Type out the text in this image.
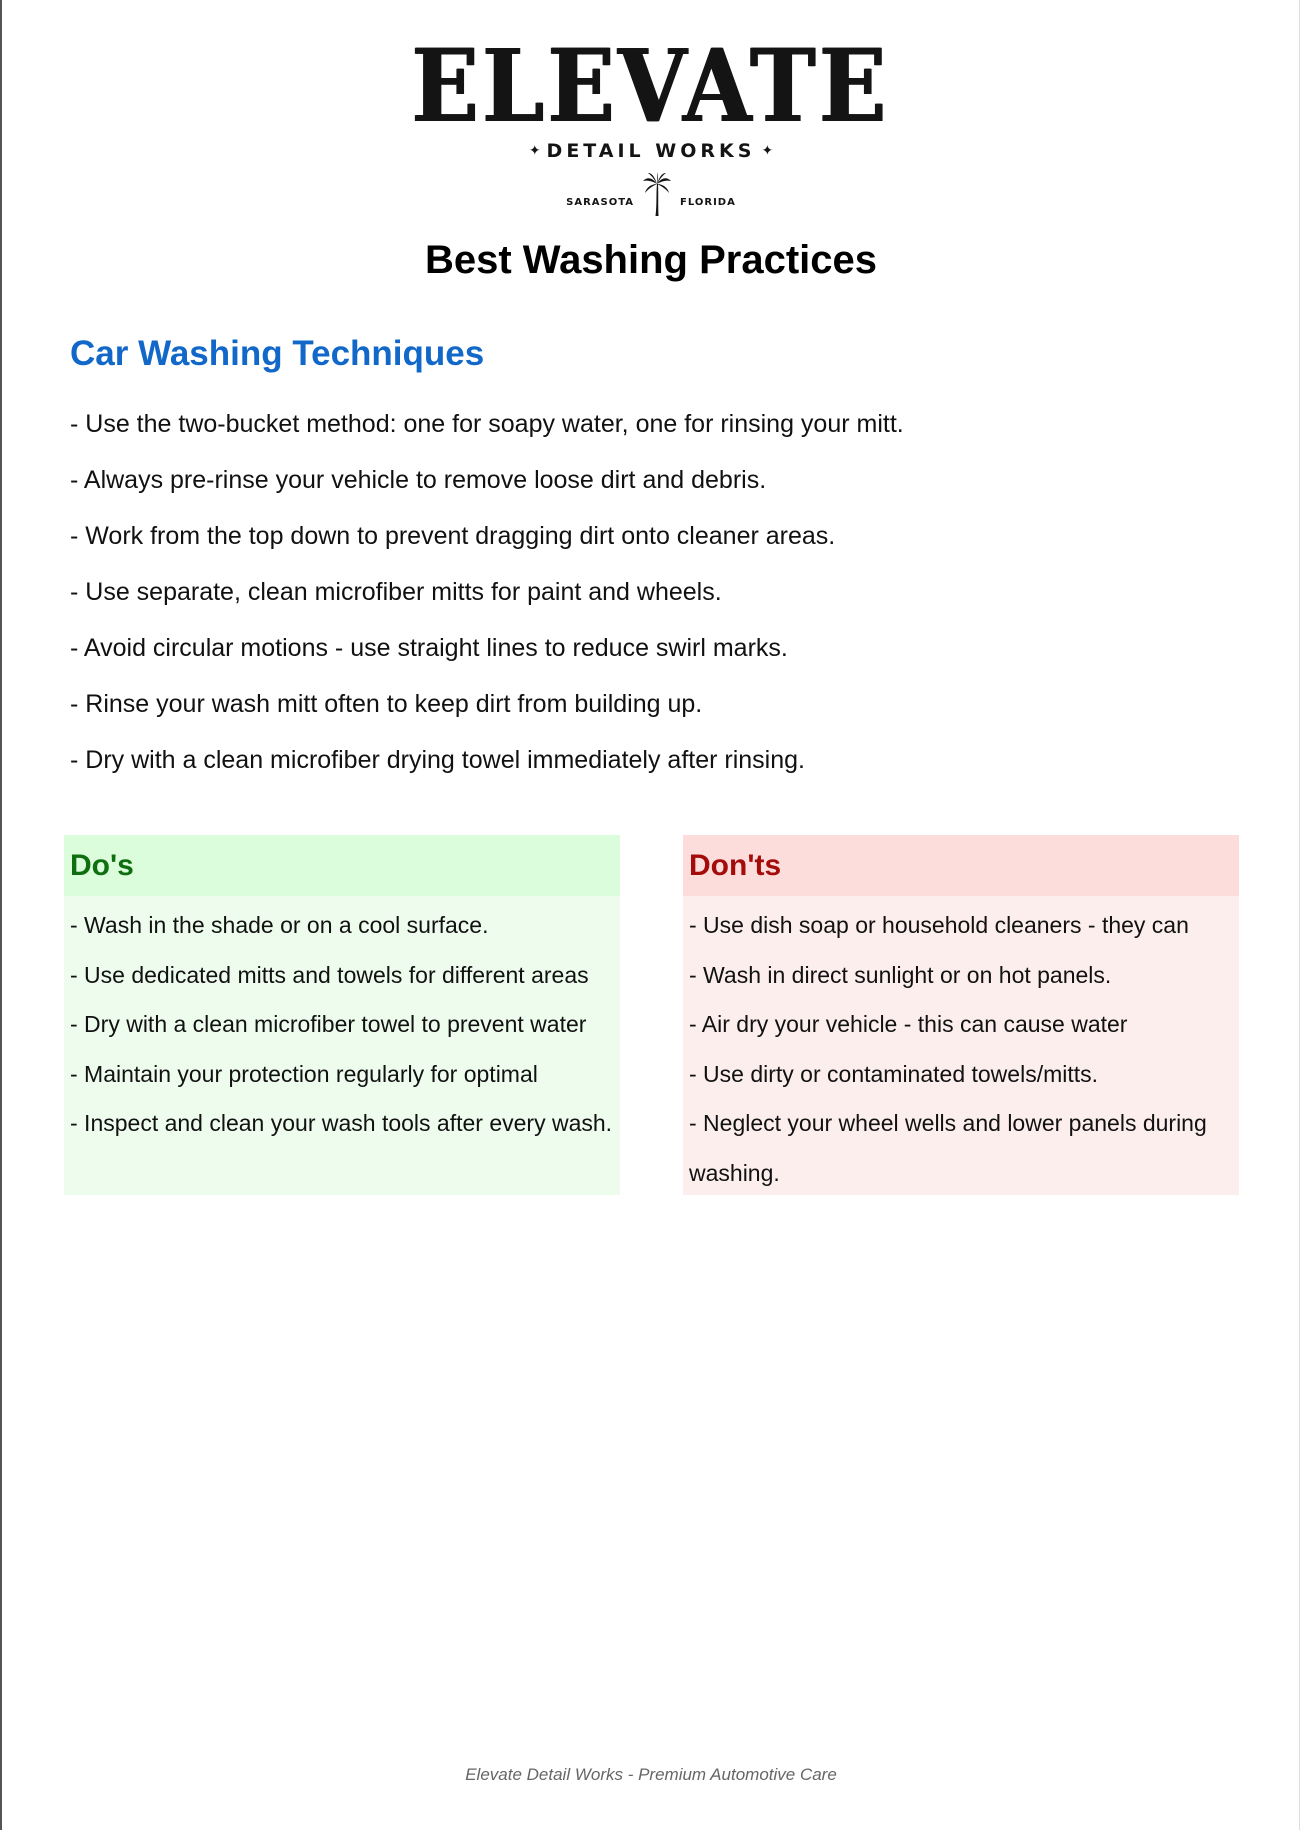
ELEVATE
✦ DETAIL WORKS ✦
SARASOTA	FLORIDA
Best Washing Practices
Car Washing Techniques
- Use the two-bucket method: one for soapy water, one for rinsing your mitt.
- Always pre-rinse your vehicle to remove loose dirt and debris.
- Work from the top down to prevent dragging dirt onto cleaner areas.
- Use separate, clean microfiber mitts for paint and wheels.
- Avoid circular motions - use straight lines to reduce swirl marks.
- Rinse your wash mitt often to keep dirt from building up.
- Dry with a clean microfiber drying towel immediately after rinsing.
Do's
- Wash in the shade or on a cool surface.
- Use dedicated mitts and towels for different areas
- Dry with a clean microfiber towel to prevent water
- Maintain your protection regularly for optimal
- Inspect and clean your wash tools after every wash.
Don'ts
- Use dish soap or household cleaners - they can
- Wash in direct sunlight or on hot panels.
- Air dry your vehicle - this can cause water
- Use dirty or contaminated towels/mitts.
- Neglect your wheel wells and lower panels during washing.
Elevate Detail Works - Premium Automotive Care
